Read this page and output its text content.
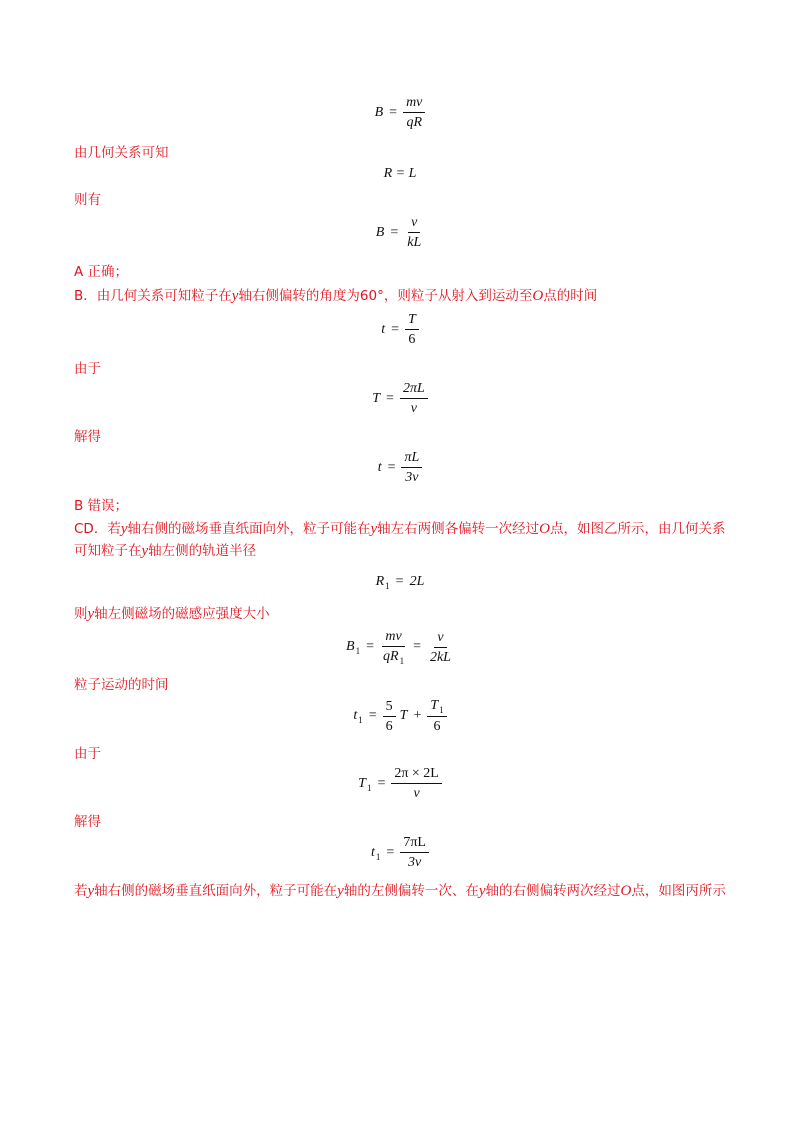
$B = \frac{mv}{qR}$
由几何关系可知
R = L
则有
$B = \frac{v}{kL}$
A 正确；
B．由几何关系可知粒子在y轴右侧偏转的角度为60°，则粒子从射入到运动至O点的时间
$t = \frac{T}{6}$
由于
$T = \frac{2\pi L}{v}$
解得
$t = \frac{\pi L}{3v}$
B 错误；
CD．若y轴右侧的磁场垂直纸面向外，粒子可能在y轴左右两侧各偏转一次经过O点，如图乙所示，由几何关系可知粒子在y轴左侧的轨道半径
$R_1 = 2L$
则y轴左侧磁场的磁感应强度大小
$B_1 = \frac{mv}{qR_1} = \frac{v}{2kL}$
粒子运动的时间
$t_1 = \frac{5}{6}$ $T + \frac{T_1}{6}$
由于
$T_1 = \frac{2\pi \times 2L}{v}$
解得
$t_1 = \frac{7\pi L}{3v}$
若y轴右侧的磁场垂直纸面向外，粒子可能在y轴的左侧偏转一次、在y轴的右侧偏转两次经过O点，如图丙所示
